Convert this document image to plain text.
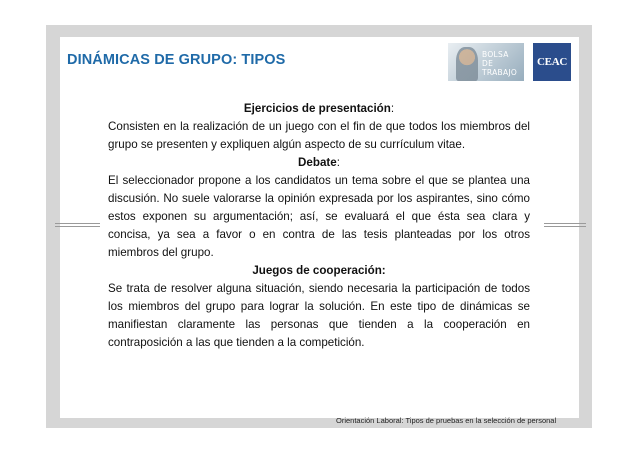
DINÁMICAS DE GRUPO: TIPOS	BOLSA
DE TRABAJO
CEAC

Ejercicios de presentación:

Consisten en la realización de un juego con el fin de que todos los miembros del grupo se presenten y expliquen algún aspecto de su currículum vitae.

Debate:

El seleccionador propone a los candidatos un tema sobre el que se plantea una discusión. No suele valorarse la opinión expresada por los aspirantes, sino cómo estos exponen su argumentación; así, se evaluará el que ésta sea clara y concisa, ya sea a favor o en contra de las tesis planteadas por los otros miembros del grupo.

Juegos de cooperación:

Se trata de resolver alguna situación, siendo necesaria la participación de todos los miembros del grupo para lograr la solución. En este tipo de dinámicas se manifiestan claramente las personas que tienden a la cooperación en contraposición a las que tienden a la competición.

Orientación Laboral: Tipos de pruebas en la selección de personal
